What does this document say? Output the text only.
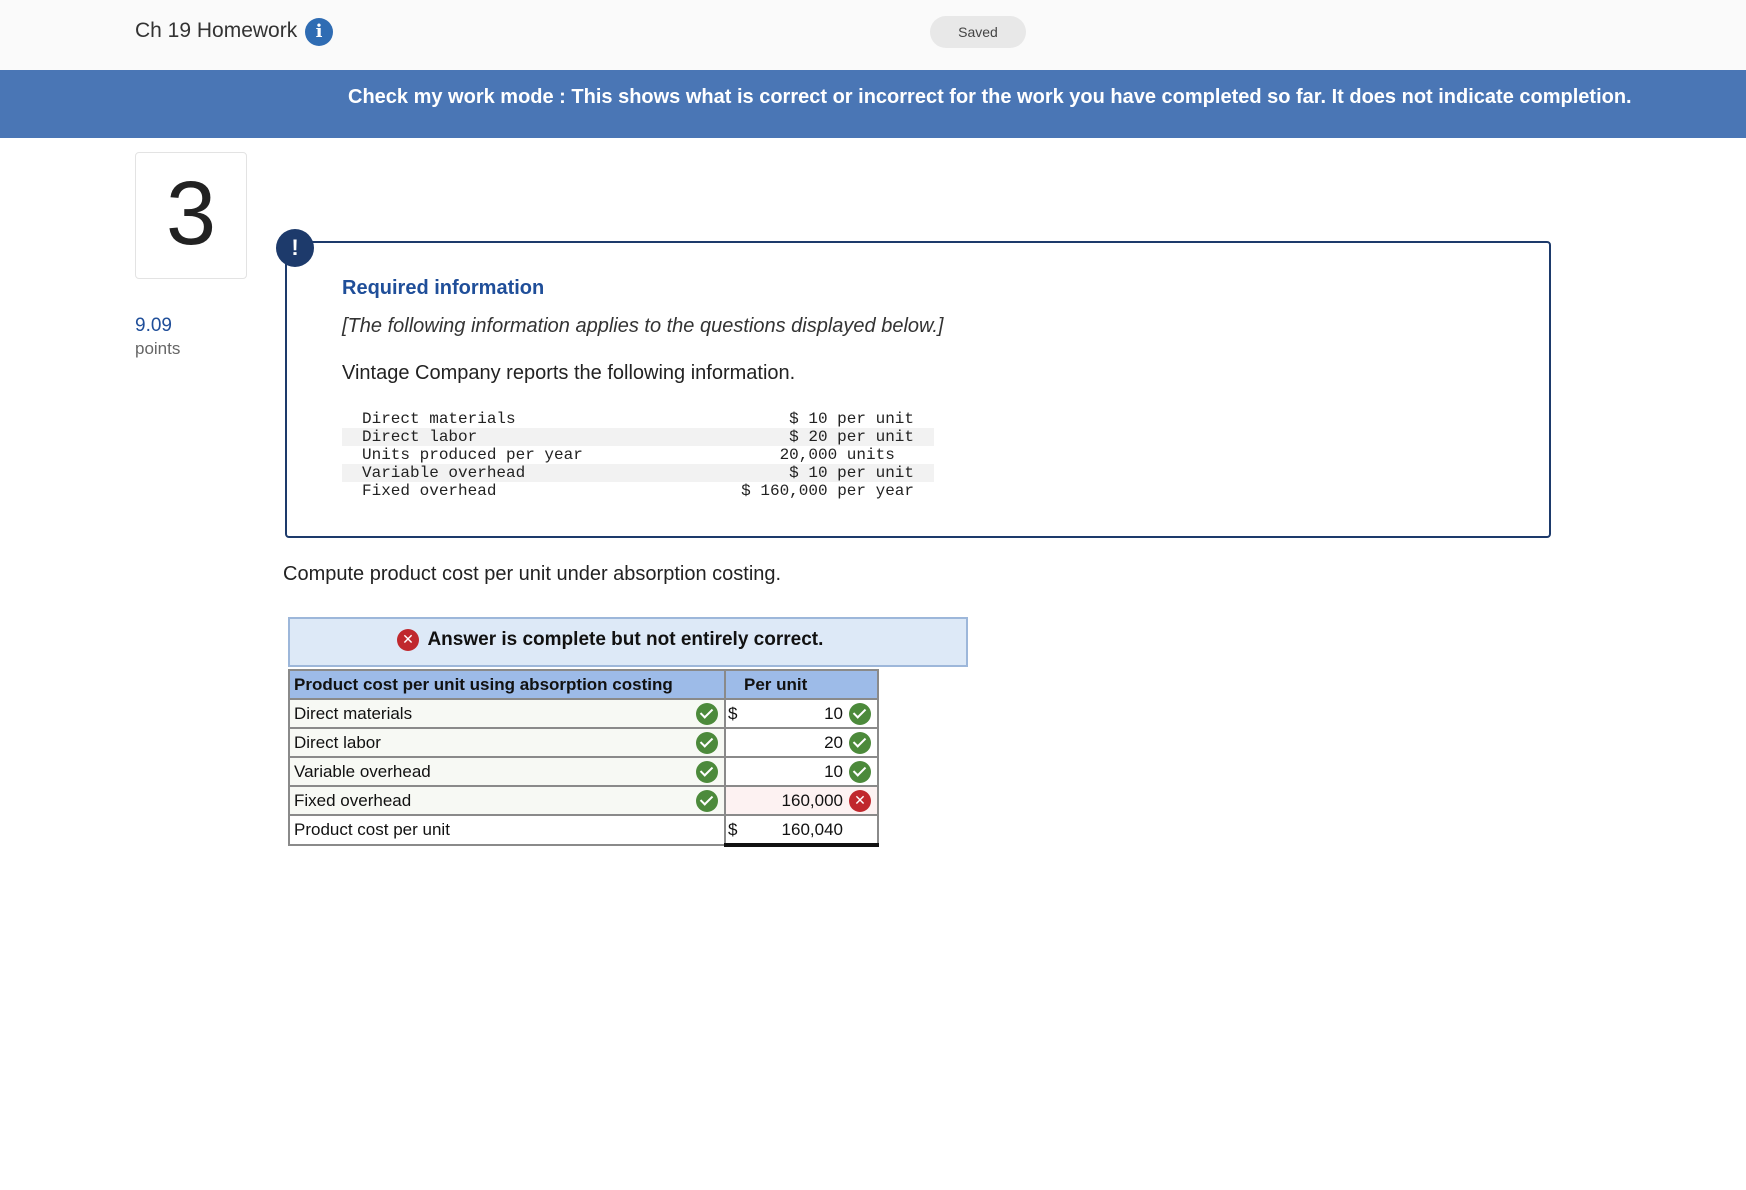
Ch 19 Homework	i	Saved
Check my work mode : This shows what is correct or incorrect for the work you have completed so far. It does not indicate completion.
3
9.09
points
!
Required information
[The following information applies to the questions displayed below.]
Vintage Company reports the following information.
Direct materials	$ 10 per unit
Direct labor	$ 20 per unit
Units produced per year	20,000 units
Variable overhead	$ 10 per unit
Fixed overhead	$ 160,000 per year
Compute product cost per unit under absorption costing.
✕ Answer is complete but not entirely correct.
Product cost per unit using absorption costing	Per unit

Direct materials	$ 10

Direct labor	20

Variable overhead	10

Fixed overhead	160,000 ✕

Product cost per unit	$ 160,040
